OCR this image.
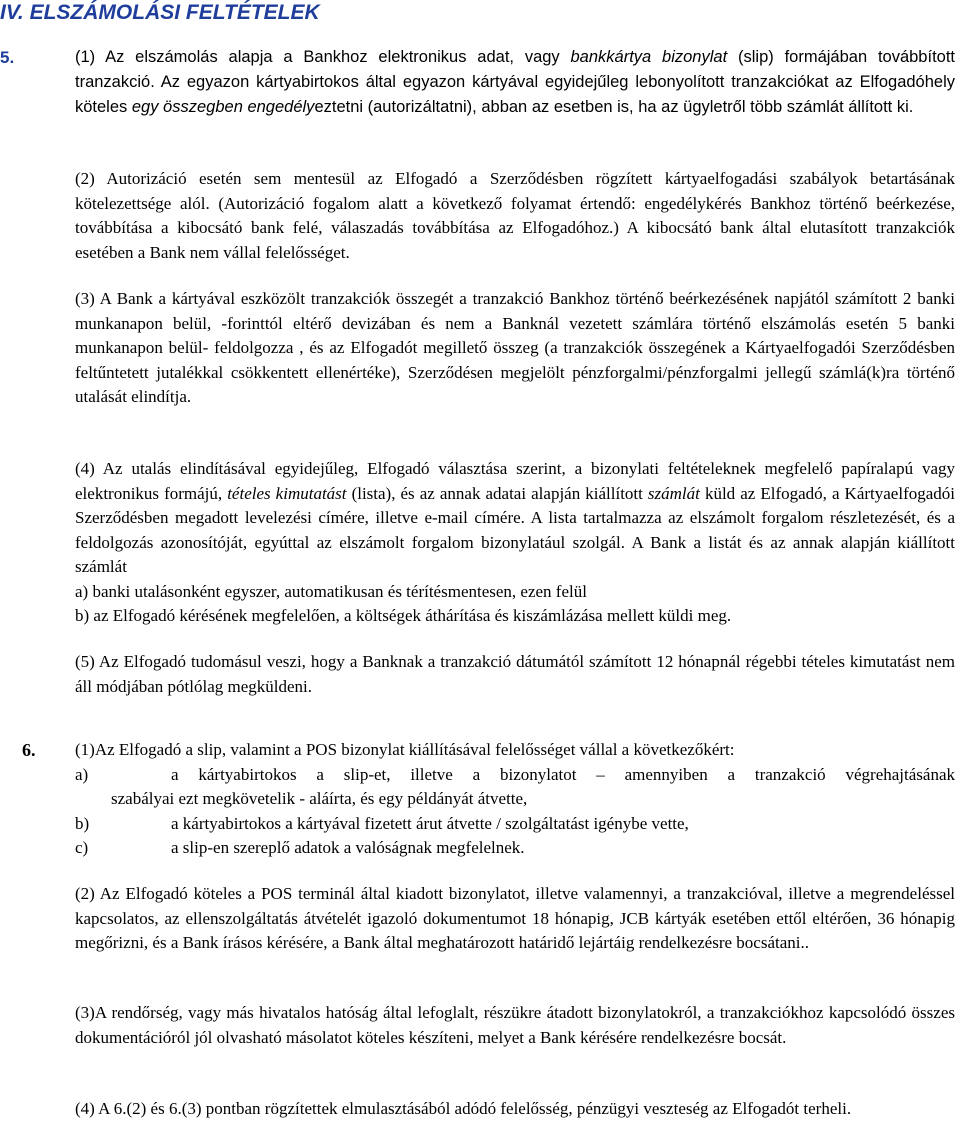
IV. ELSZÁMOLÁSI FELTÉTELEK
5.	(1) Az elszámolás alapja a Bankhoz elektronikus adat, vagy bankkártya bizonylat (slip) formájában továbbított tranzakció. Az egyazon kártyabirtokos által egyazon kártyával egyidejűleg lebonyolított tranzakciókat az Elfogadóhely köteles egy összegben engedélyeztetni (autorizáltatni), abban az esetben is, ha az ügyletről több számlát állított ki.

(2) Autorizáció esetén sem mentesül az Elfogadó a Szerződésben rögzített kártyaelfogadási szabályok betartásának kötelezettsége alól. (Autorizáció fogalom alatt a következő folyamat értendő: engedélykérés Bankhoz történő beérkezése, továbbítása a kibocsátó bank felé, válaszadás továbbítása az Elfogadóhoz.) A kibocsátó bank által elutasított tranzakciók esetében a Bank nem vállal felelősséget.

(3) A Bank a kártyával eszközölt tranzakciók összegét a tranzakció Bankhoz történő beérkezésének napjától számított 2 banki munkanapon belül, -forinttól eltérő devizában és nem a Banknál vezetett számlára történő elszámolás esetén 5 banki munkanapon belül- feldolgozza , és az Elfogadót megillető összeg (a tranzakciók összegének a Kártyaelfogadói Szerződésben feltűntetett jutalékkal csökkentett ellenértéke), Szerződésen megjelölt pénzforgalmi/pénzforgalmi jellegű számlá(k)ra történő utalását elindítja.

(4) Az utalás elindításával egyidejűleg, Elfogadó választása szerint, a bizonylati feltételeknek megfelelő papíralapú vagy elektronikus formájú, tételes kimutatást (lista), és az annak adatai alapján kiállított számlát küld az Elfogadó, a Kártyaelfogadói Szerződésben megadott levelezési címére, illetve e-mail címére. A lista tartalmazza az elszámolt forgalom részletezését, és a feldolgozás azonosítóját, egyúttal az elszámolt forgalom bizonylatául szolgál. A Bank a listát és az annak alapján kiállított számlát

a) banki utalásonként egyszer, automatikusan és térítésmentesen, ezen felül

b) az Elfogadó kérésének megfelelően, a költségek áthárítása és kiszámlázása mellett küldi meg.

(5) Az Elfogadó tudomásul veszi, hogy a Banknak a tranzakció dátumától számított 12 hónapnál régebbi tételes kimutatást nem áll módjában pótlólag megküldeni.

6. (1)Az Elfogadó a slip, valamint a POS bizonylat kiállításával felelősséget vállal a következőkért:

a)	a kártyabirtokos a slip-et, illetve a bizonylatot – amennyiben a tranzakció végrehajtásának

szabályai ezt megkövetelik - aláírta, és egy példányát átvette,

b)	a kártyabirtokos a kártyával fizetett árut átvette / szolgáltatást igénybe vette,
c)	a slip-en szereplő adatok a valóságnak megfelelnek.

(2) Az Elfogadó köteles a POS terminál által kiadott bizonylatot, illetve valamennyi, a tranzakcióval, illetve a megrendeléssel kapcsolatos, az ellenszolgáltatás átvételét igazoló dokumentumot 18 hónapig, JCB kártyák esetében ettől eltérően, 36 hónapig megőrizni, és a Bank írásos kérésére, a Bank által meghatározott határidő lejártáig rendelkezésre bocsátani..

(3)A rendőrség, vagy más hivatalos hatóság által lefoglalt, részükre átadott bizonylatokról, a tranzakciókhoz kapcsolódó összes dokumentációról jól olvasható másolatot köteles készíteni, melyet a Bank kérésére rendelkezésre bocsát.

(4) A 6.(2) és 6.(3) pontban rögzítettek elmulasztásából adódó felelősség, pénzügyi veszteség az Elfogadót terheli.
